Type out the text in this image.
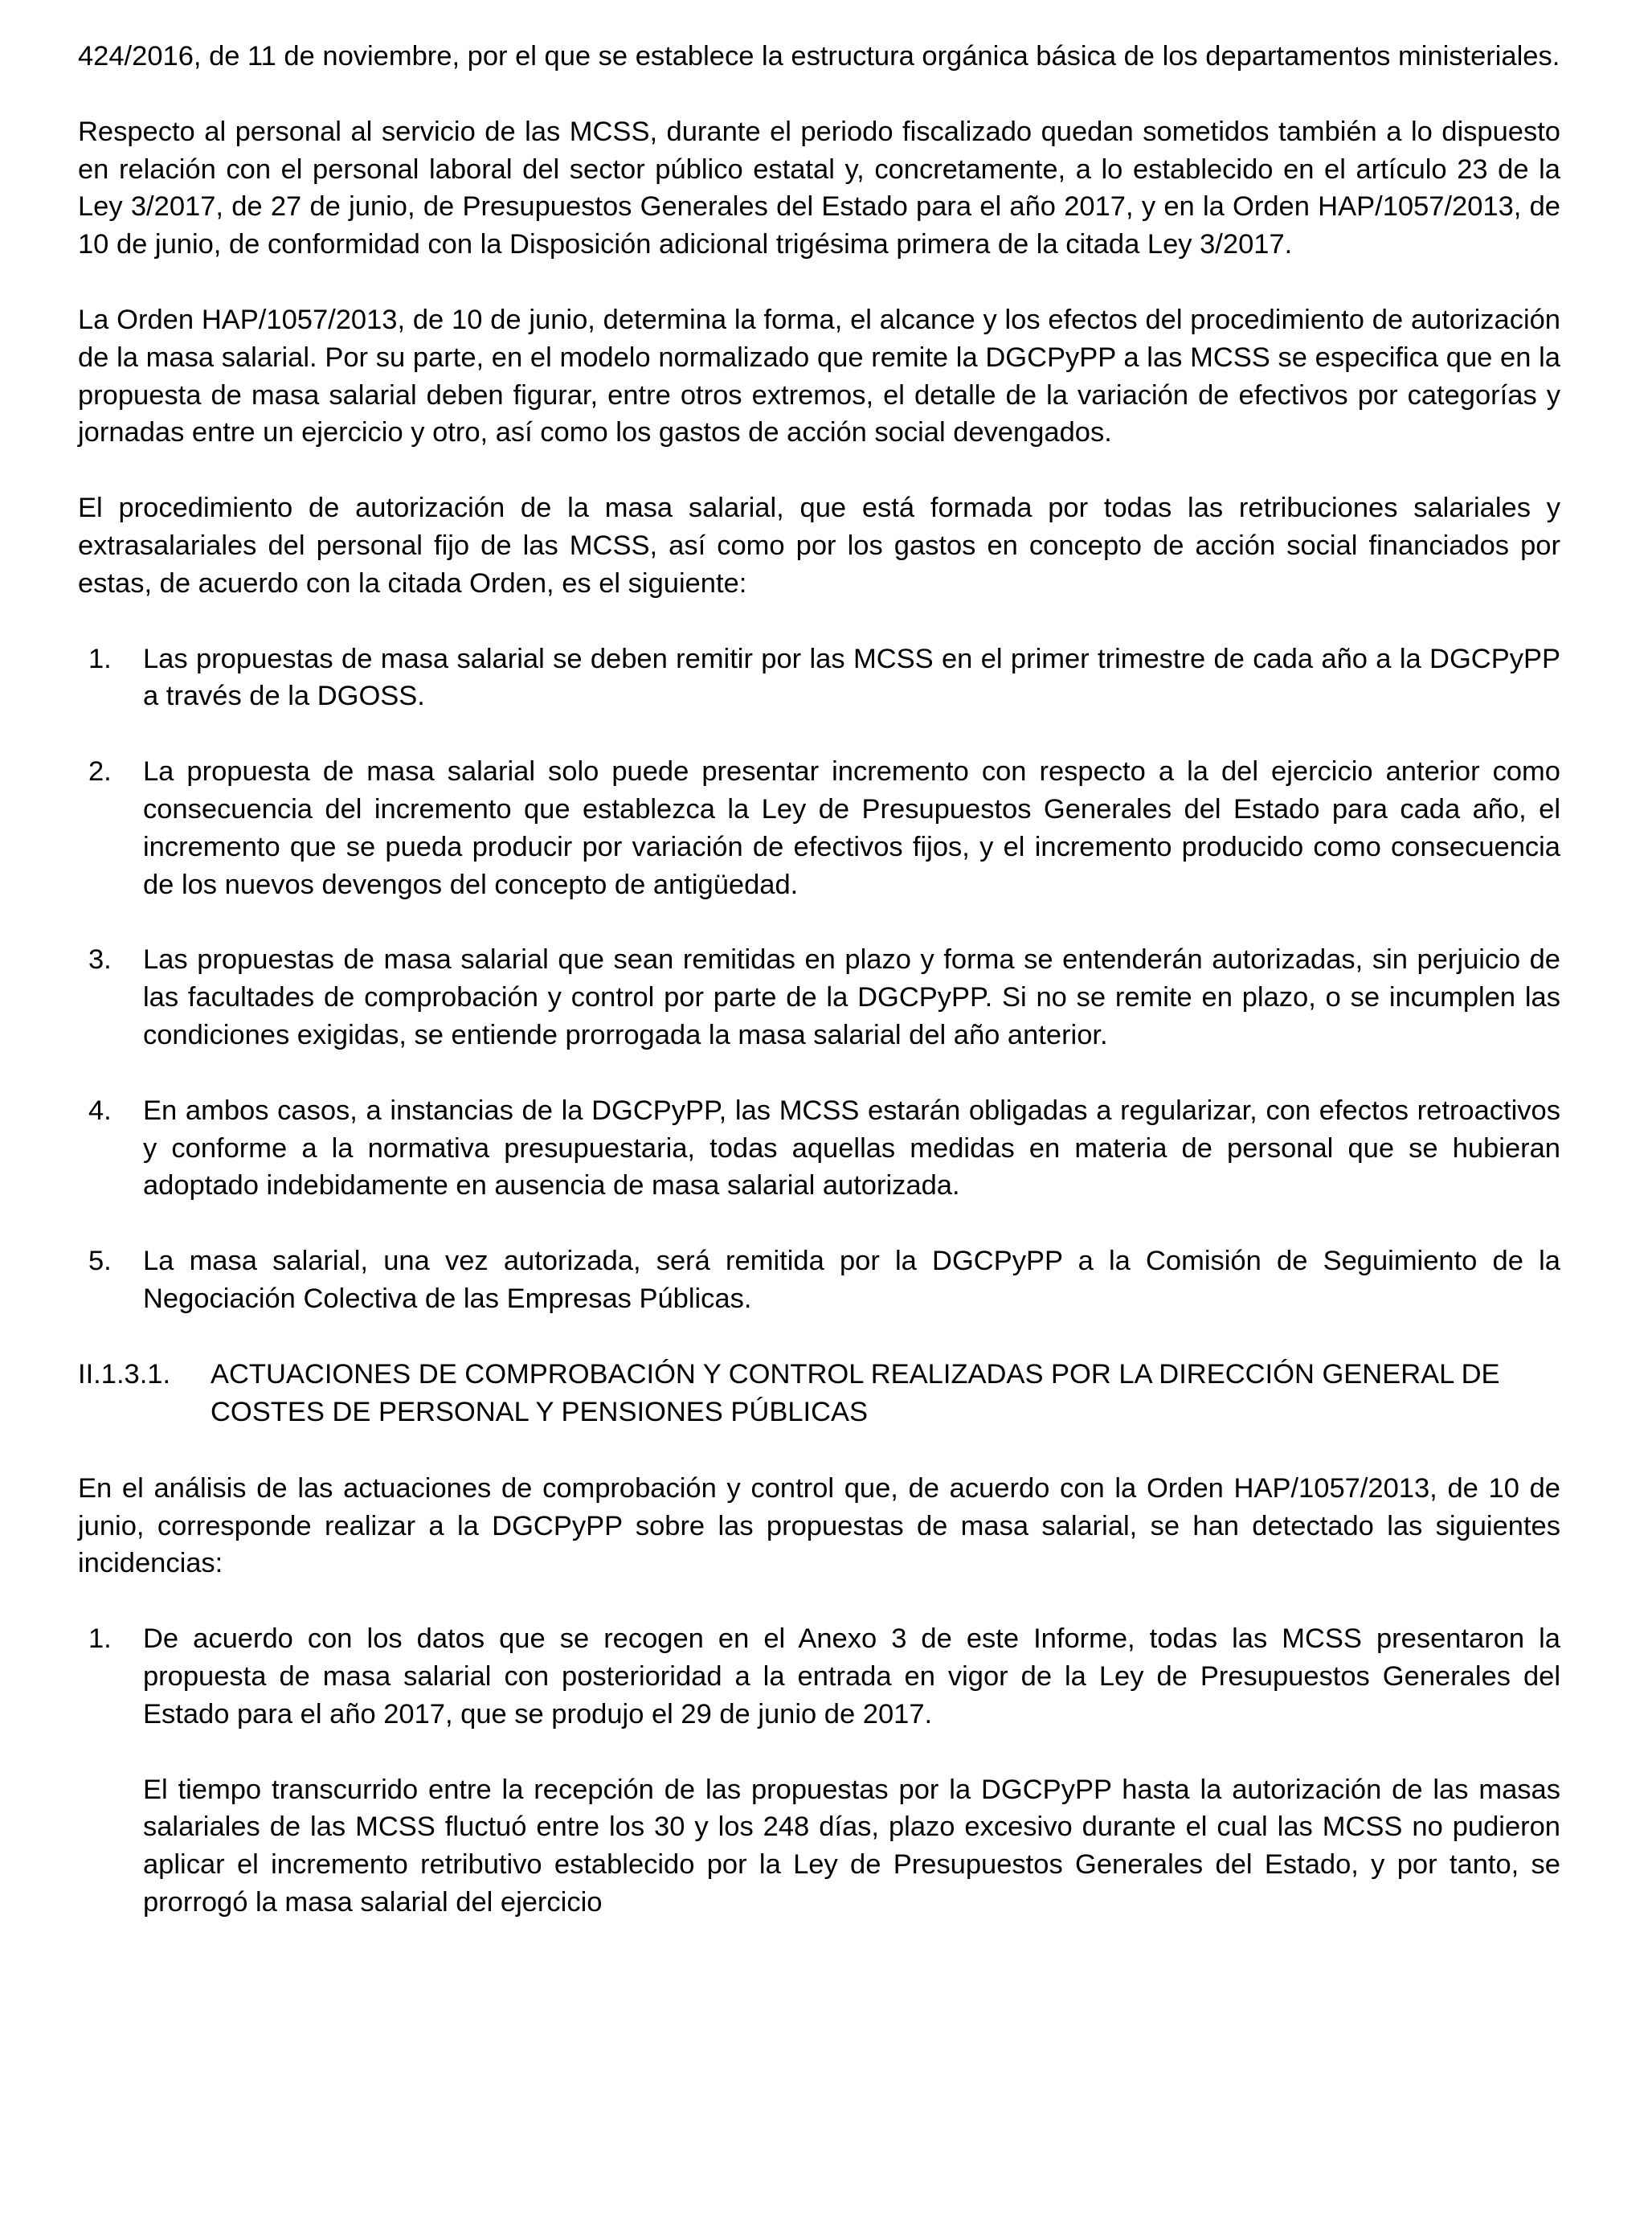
424/2016, de 11 de noviembre, por el que se establece la estructura orgánica básica de los departamentos ministeriales.

Respecto al personal al servicio de las MCSS, durante el periodo fiscalizado quedan sometidos también a lo dispuesto en relación con el personal laboral del sector público estatal y, concretamente, a lo establecido en el artículo 23 de la Ley 3/2017, de 27 de junio, de Presupuestos Generales del Estado para el año 2017, y en la Orden HAP/1057/2013, de 10 de junio, de conformidad con la Disposición adicional trigésima primera de la citada Ley 3/2017.

La Orden HAP/1057/2013, de 10 de junio, determina la forma, el alcance y los efectos del procedimiento de autorización de la masa salarial. Por su parte, en el modelo normalizado que remite la DGCPyPP a las MCSS se especifica que en la propuesta de masa salarial deben figurar, entre otros extremos, el detalle de la variación de efectivos por categorías y jornadas entre un ejercicio y otro, así como los gastos de acción social devengados.

El procedimiento de autorización de la masa salarial, que está formada por todas las retribuciones salariales y extrasalariales del personal fijo de las MCSS, así como por los gastos en concepto de acción social financiados por estas, de acuerdo con la citada Orden, es el siguiente:

1. Las propuestas de masa salarial se deben remitir por las MCSS en el primer trimestre de cada año a la DGCPyPP a través de la DGOSS.
2. La propuesta de masa salarial solo puede presentar incremento con respecto a la del ejercicio anterior como consecuencia del incremento que establezca la Ley de Presupuestos Generales del Estado para cada año, el incremento que se pueda producir por variación de efectivos fijos, y el incremento producido como consecuencia de los nuevos devengos del concepto de antigüedad.
3. Las propuestas de masa salarial que sean remitidas en plazo y forma se entenderán autorizadas, sin perjuicio de las facultades de comprobación y control por parte de la DGCPyPP. Si no se remite en plazo, o se incumplen las condiciones exigidas, se entiende prorrogada la masa salarial del año anterior.
4. En ambos casos, a instancias de la DGCPyPP, las MCSS estarán obligadas a regularizar, con efectos retroactivos y conforme a la normativa presupuestaria, todas aquellas medidas en materia de personal que se hubieran adoptado indebidamente en ausencia de masa salarial autorizada.
5. La masa salarial, una vez autorizada, será remitida por la DGCPyPP a la Comisión de Seguimiento de la Negociación Colectiva de las Empresas Públicas.
II.1.3.1. ACTUACIONES DE COMPROBACIÓN Y CONTROL REALIZADAS POR LA DIRECCIÓN GENERAL DE COSTES DE PERSONAL Y PENSIONES PÚBLICAS

En el análisis de las actuaciones de comprobación y control que, de acuerdo con la Orden HAP/1057/2013, de 10 de junio, corresponde realizar a la DGCPyPP sobre las propuestas de masa salarial, se han detectado las siguientes incidencias:

1. De acuerdo con los datos que se recogen en el Anexo 3 de este Informe, todas las MCSS presentaron la propuesta de masa salarial con posterioridad a la entrada en vigor de la Ley de Presupuestos Generales del Estado para el año 2017, que se produjo el 29 de junio de 2017.
El tiempo transcurrido entre la recepción de las propuestas por la DGCPyPP hasta la autorización de las masas salariales de las MCSS fluctuó entre los 30 y los 248 días, plazo excesivo durante el cual las MCSS no pudieron aplicar el incremento retributivo establecido por la Ley de Presupuestos Generales del Estado, y por tanto, se prorrogó la masa salarial del ejercicio
